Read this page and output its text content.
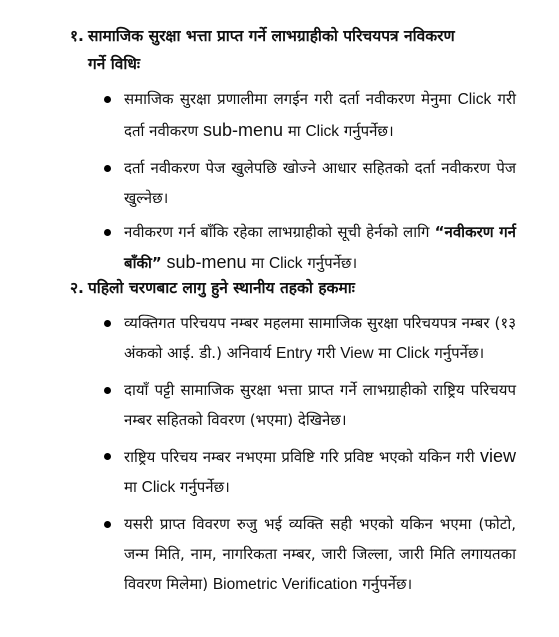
१. सामाजिक सुरक्षा भत्ता प्राप्त गर्ने लाभग्राहीको परिचयपत्र नविकरण
गर्ने विधिः
समाजिक सुरक्षा प्रणालीमा लगईन गरी दर्ता नवीकरण मेनुमा Click गरी दर्ता नवीकरण sub-menu मा Click गर्नुपर्नेछ।
दर्ता नवीकरण पेज खुलेपछि खोज्ने आधार सहितको दर्ता नवीकरण पेज खुल्नेछ।
नवीकरण गर्न बाँकि रहेका लाभग्राहीको सूची हेर्नको लागि “नवीकरण गर्न बाँकी” sub-menu मा Click गर्नुपर्नेछ।
२. पहिलो चरणबाट लागु हुने स्थानीय तहको हकमाः
व्यक्तिगत परिचयप नम्बर महलमा सामाजिक सुरक्षा परिचयपत्र नम्बर (१३ अंकको आई. डी.) अनिवार्य Entry गरी View मा Click गर्नुपर्नेछ।
दायाँ पट्टी सामाजिक सुरक्षा भत्ता प्राप्त गर्ने लाभग्राहीको राष्ट्रिय परिचयप नम्बर सहितको विवरण (भएमा) देखिनेछ।
राष्ट्रिय परिचय नम्बर नभएमा प्रविष्टि गरि प्रविष्ट भएको यकिन गरी view मा Click गर्नुपर्नेछ।
यसरी प्राप्त विवरण रुजु भई व्यक्ति सही भएको यकिन भएमा (फोटो, जन्म मिति, नाम, नागरिकता नम्बर, जारी जिल्ला, जारी मिति लगायतका विवरण मिलेमा) Biometric Verification गर्नुपर्नेछ।
